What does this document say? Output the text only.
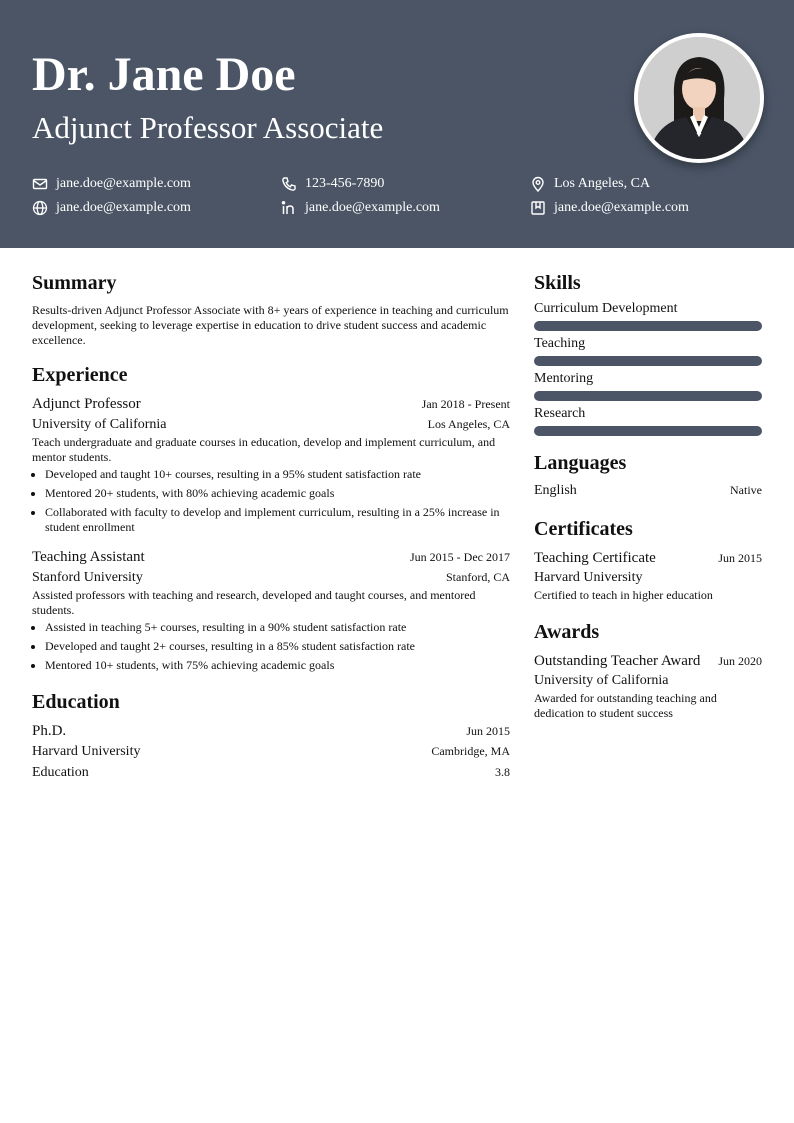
Dr. Jane Doe
Adjunct Professor Associate
jane.doe@example.com	123-456-7890	Los Angeles, CA
jane.doe@example.com	jane.doe@example.com	jane.doe@example.com
Summary
Results-driven Adjunct Professor Associate with 8+ years of experience in teaching and curriculum development, seeking to leverage expertise in education to drive student success and academic excellence.
Experience
Adjunct Professor	Jan 2018 - Present
University of California	Los Angeles, CA
Teach undergraduate and graduate courses in education, develop and implement curriculum, and mentor students.
• Developed and taught 10+ courses, resulting in a 95% student satisfaction rate
• Mentored 20+ students, with 80% achieving academic goals
• Collaborated with faculty to develop and implement curriculum, resulting in a 25% increase in student enrollment
Teaching Assistant	Jun 2015 - Dec 2017
Stanford University	Stanford, CA
Assisted professors with teaching and research, developed and taught courses, and mentored students.
• Assisted in teaching 5+ courses, resulting in a 90% student satisfaction rate
• Developed and taught 2+ courses, resulting in a 85% student satisfaction rate
• Mentored 10+ students, with 75% achieving academic goals
Education
Ph.D.	Jun 2015
Harvard University	Cambridge, MA
Education	3.8
Skills
Curriculum Development
Teaching
Mentoring
Research
Languages
English	Native
Certificates
Teaching Certificate	Jun 2015
Harvard University
Certified to teach in higher education
Awards
Outstanding Teacher Award Jun 2020
University of California
Awarded for outstanding teaching and dedication to student success
